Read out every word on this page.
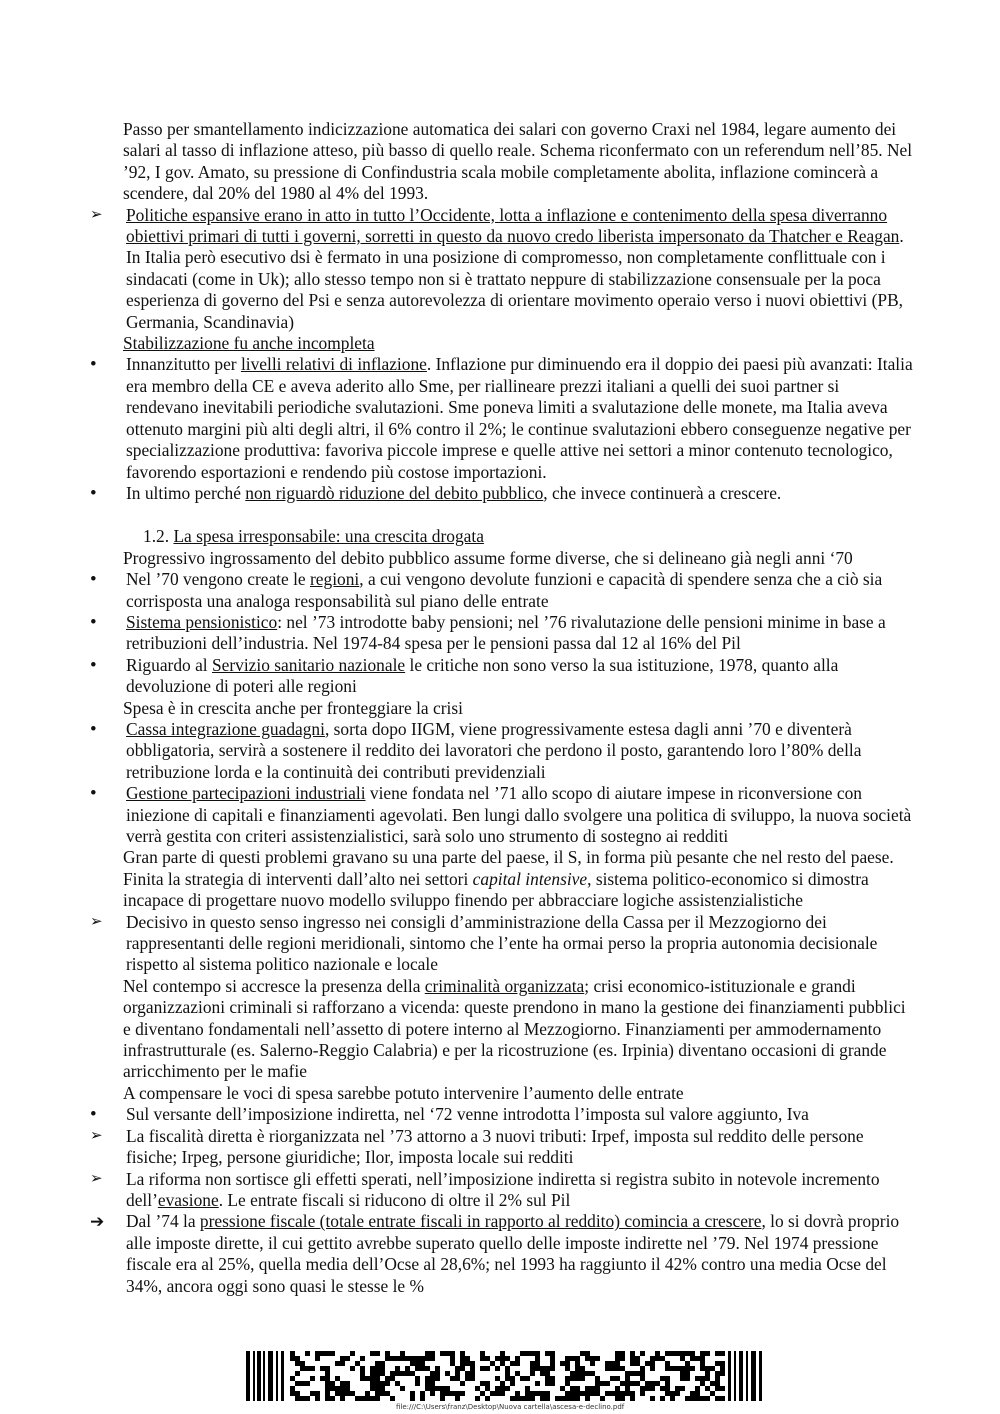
Passo per smantellamento indicizzazione automatica dei salari con governo Craxi nel 1984, legare aumento dei salari al tasso di inflazione atteso, più basso di quello reale. Schema riconfermato con un referendum nell’85. Nel ’92, I gov. Amato, su pressione di Confindustria scala mobile completamente abolita, inflazione comincerà a scendere, dal 20% del 1980 al 4% del 1993.
➢	Politiche espansive erano in atto in tutto l’Occidente, lotta a inflazione e contenimento della spesa diverranno obiettivi primari di tutti i governi, sorretti in questo da nuovo credo liberista impersonato da Thatcher e Reagan. In Italia però esecutivo dsi è fermato in una posizione di compromesso, non completamente conflittuale con i sindacati (come in Uk); allo stesso tempo non si è trattato neppure di stabilizzazione consensuale per la poca esperienza di governo del Psi e senza autorevolezza di orientare movimento operaio verso i nuovi obiettivi (PB, Germania, Scandinavia)
Stabilizzazione fu anche incompleta
•	Innanzitutto per livelli relativi di inflazione. Inflazione pur diminuendo era il doppio dei paesi più avanzati: Italia era membro della CE e aveva aderito allo Sme, per riallineare prezzi italiani a quelli dei suoi partner si rendevano inevitabili periodiche svalutazioni. Sme poneva limiti a svalutazione delle monete, ma Italia aveva ottenuto margini più alti degli altri, il 6% contro il 2%; le continue svalutazioni ebbero conseguenze negative per specializzazione produttiva: favoriva piccole imprese e quelle attive nei settori a minor contenuto tecnologico, favorendo esportazioni e rendendo più costose importazioni.
•	In ultimo perché non riguardò riduzione del debito pubblico, che invece continuerà a crescere.
1.2. La spesa irresponsabile: una crescita drogata
Progressivo ingrossamento del debito pubblico assume forme diverse, che si delineano già negli anni ‘70
•	Nel ’70 vengono create le regioni, a cui vengono devolute funzioni e capacità di spendere senza che a ciò sia corrisposta una analoga responsabilità sul piano delle entrate
•	Sistema pensionistico: nel ’73 introdotte baby pensioni; nel ’76 rivalutazione delle pensioni minime in base a retribuzioni dell’industria. Nel 1974-84 spesa per le pensioni passa dal 12 al 16% del Pil
•	Riguardo al Servizio sanitario nazionale le critiche non sono verso la sua istituzione, 1978, quanto alla devoluzione di poteri alle regioni
Spesa è in crescita anche per fronteggiare la crisi
•	Cassa integrazione guadagni, sorta dopo IIGM, viene progressivamente estesa dagli anni ’70 e diventerà obbligatoria, servirà a sostenere il reddito dei lavoratori che perdono il posto, garantendo loro l’80% della retribuzione lorda e la continuità dei contributi previdenziali
•	Gestione partecipazioni industriali viene fondata nel ’71 allo scopo di aiutare impese in riconversione con iniezione di capitali e finanziamenti agevolati. Ben lungi dallo svolgere una politica di sviluppo, la nuova società verrà gestita con criteri assistenzialistici, sarà solo uno strumento di sostegno ai redditi
Gran parte di questi problemi gravano su una parte del paese, il S, in forma più pesante che nel resto del paese. Finita la strategia di interventi dall’alto nei settori capital intensive, sistema politico-economico si dimostra incapace di progettare nuovo modello sviluppo finendo per abbracciare logiche assistenzialistiche
➢	Decisivo in questo senso ingresso nei consigli d’amministrazione della Cassa per il Mezzogiorno dei rappresentanti delle regioni meridionali, sintomo che l’ente ha ormai perso la propria autonomia decisionale rispetto al sistema politico nazionale e locale
Nel contempo si accresce la presenza della criminalità organizzata; crisi economico-istituzionale e grandi organizzazioni criminali si rafforzano a vicenda: queste prendono in mano la gestione dei finanziamenti pubblici e diventano fondamentali nell’assetto di potere interno al Mezzogiorno. Finanziamenti per ammodernamento infrastrutturale (es. Salerno-Reggio Calabria) e per la ricostruzione (es. Irpinia) diventano occasioni di grande arricchimento per le mafie
A compensare le voci di spesa sarebbe potuto intervenire l’aumento delle entrate
•	Sul versante dell’imposizione indiretta, nel ‘72 venne introdotta l’imposta sul valore aggiunto, Iva
➢	La fiscalità diretta è riorganizzata nel ’73 attorno a 3 nuovi tributi: Irpef, imposta sul reddito delle persone fisiche; Irpeg, persone giuridiche; Ilor, imposta locale sui redditi
➢	La riforma non sortisce gli effetti sperati, nell’imposizione indiretta si registra subito in notevole incremento dell’evasione. Le entrate fiscali si riducono di oltre il 2% sul Pil
➔	Dal ’74 la pressione fiscale (totale entrate fiscali in rapporto al reddito) comincia a crescere, lo si dovrà proprio alle imposte dirette, il cui gettito avrebbe superato quello delle imposte indirette nel ’79. Nel 1974 pressione fiscale era al 25%, quella media dell’Ocse al 28,6%; nel 1993 ha raggiunto il 42% contro una media Ocse del 34%, ancora oggi sono quasi le stesse le %
file:///C:\Users\franz\Desktop\Nuova cartella\ascesa-e-declino.pdf
